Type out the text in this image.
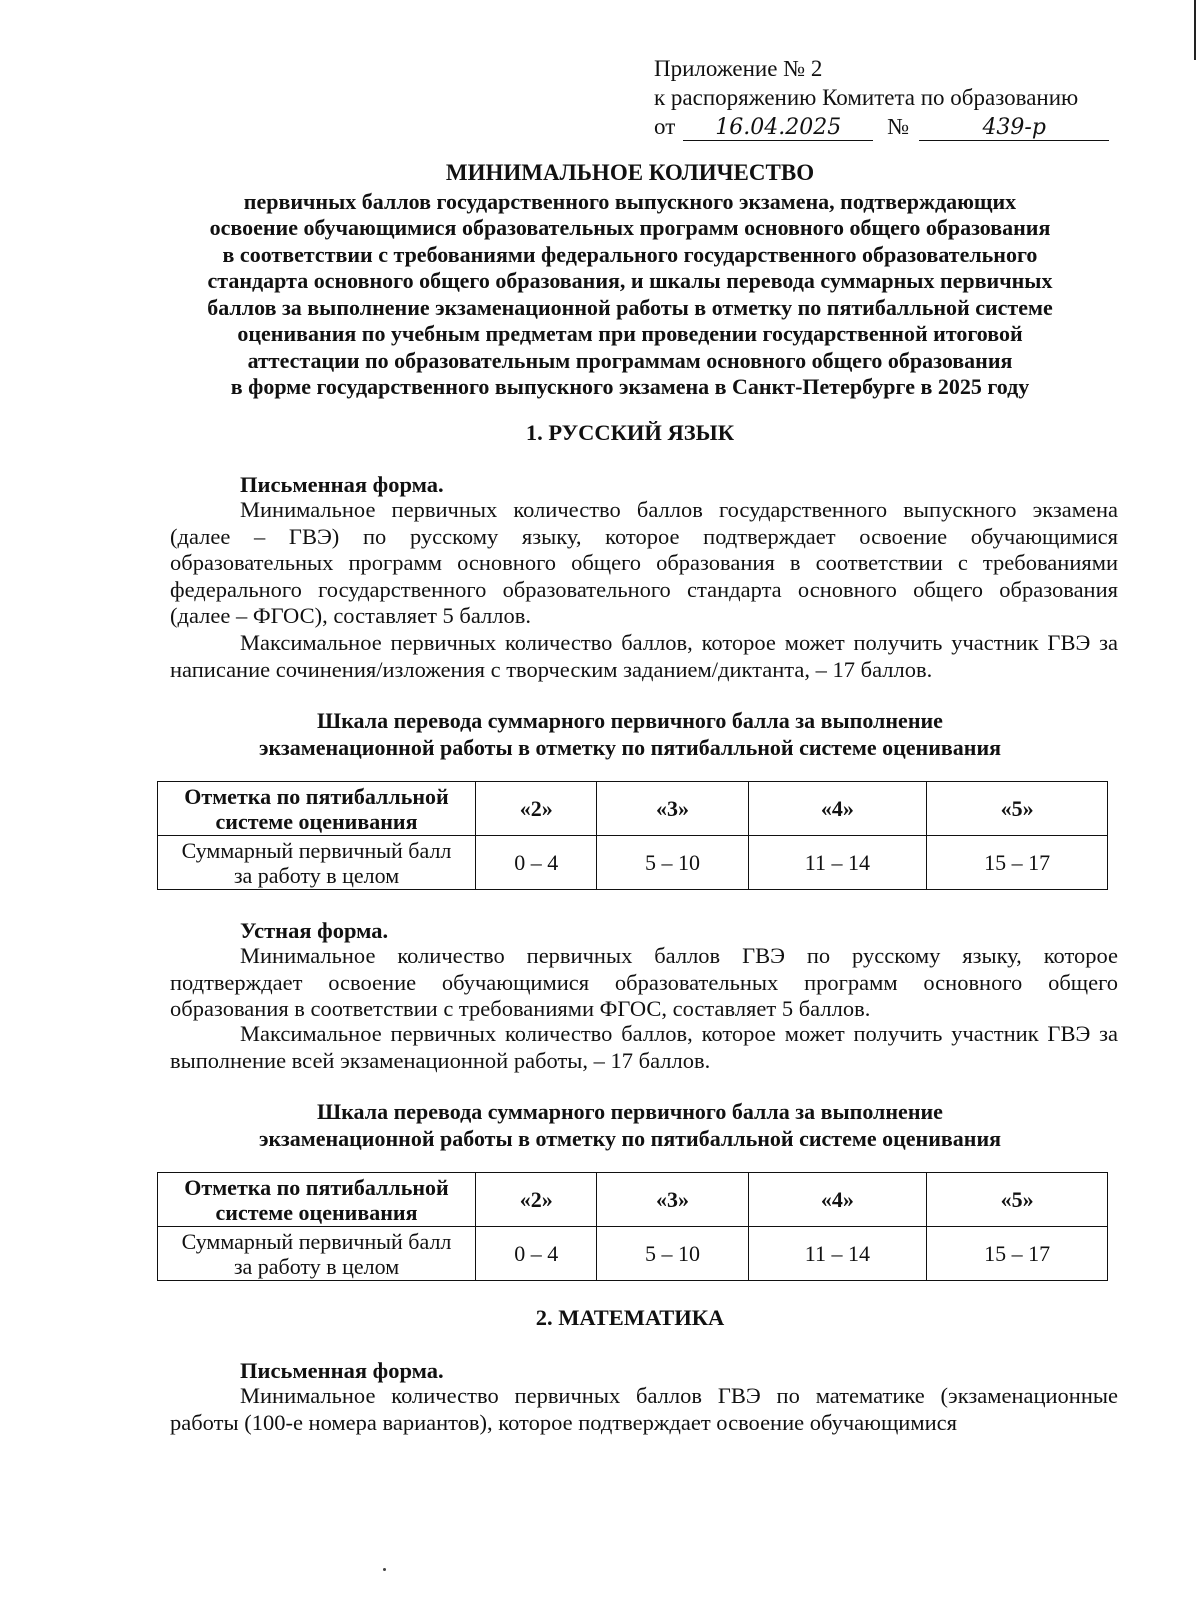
Приложение № 2
к распоряжению Комитета по образованию
от 16.04.2025 №	439-р
МИНИМАЛЬНОЕ КОЛИЧЕСТВО
первичных баллов государственного выпускного экзамена, подтверждающих
освоение обучающимися образовательных программ основного общего образования
в соответствии с требованиями федерального государственного образовательного
стандарта основного общего образования, и шкалы перевода суммарных первичных
баллов за выполнение экзаменационной работы в отметку по пятибалльной системе
оценивания по учебным предметам при проведении государственной итоговой
аттестации по образовательным программам основного общего образования
в форме государственного выпускного экзамена в Санкт-Петербурге в 2025 году
1. РУССКИЙ ЯЗЫК
Письменная форма.
Минимальное первичных количество баллов государственного выпускного экзамена (далее – ГВЭ) по русскому языку, которое подтверждает освоение обучающимися образовательных программ основного общего образования в соответствии с требованиями федерального государственного образовательного стандарта основного общего образования (далее – ФГОС), составляет 5 баллов.
Максимальное первичных количество баллов, которое может получить участник ГВЭ за написание сочинения/изложения с творческим заданием/диктанта, – 17 баллов.
Шкала перевода суммарного первичного балла за выполнение
экзаменационной работы в отметку по пятибалльной системе оценивания
Отметка по пятибалльной
системе оценивания	«2»	«3»	«4»	«5»

Суммарный первичный балл
за работу в целом	0 – 4	5 – 10	11 – 14	15 – 17
Устная форма.
Минимальное количество первичных баллов ГВЭ по русскому языку, которое подтверждает освоение обучающимися образовательных программ основного общего образования в соответствии с требованиями ФГОС, составляет 5 баллов.
Максимальное первичных количество баллов, которое может получить участник ГВЭ за выполнение всей экзаменационной работы, – 17 баллов.
Шкала перевода суммарного первичного балла за выполнение
экзаменационной работы в отметку по пятибалльной системе оценивания
Отметка по пятибалльной
системе оценивания	«2»	«3»	«4»	«5»

Суммарный первичный балл
за работу в целом	0 – 4	5 – 10	11 – 14	15 – 17
2. МАТЕМАТИКА
Письменная форма.
Минимальное количество первичных баллов ГВЭ по математике (экзаменационные работы (100-е номера вариантов), которое подтверждает освоение обучающимися
